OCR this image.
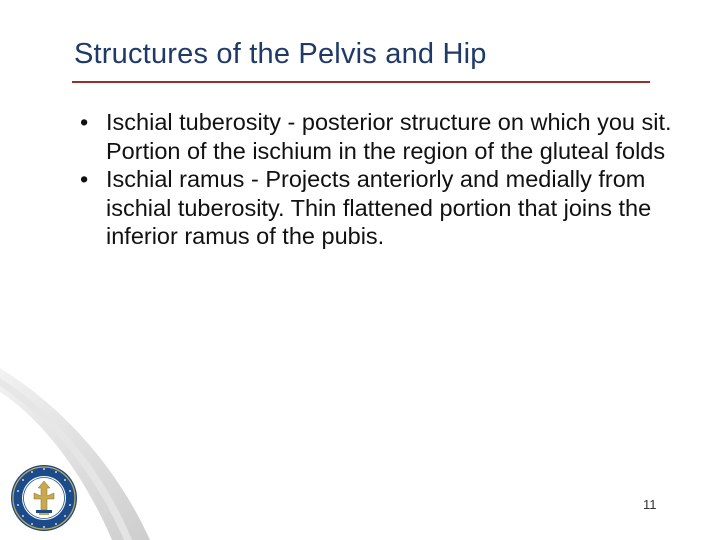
Structures of the Pelvis and Hip
• Ischial tuberosity - posterior structure on which you sit. Portion of the ischium in the region of the gluteal folds
• Ischial ramus - Projects anteriorly and medially from ischial tuberosity. Thin flattened portion that joins the inferior ramus of the pubis.
11
